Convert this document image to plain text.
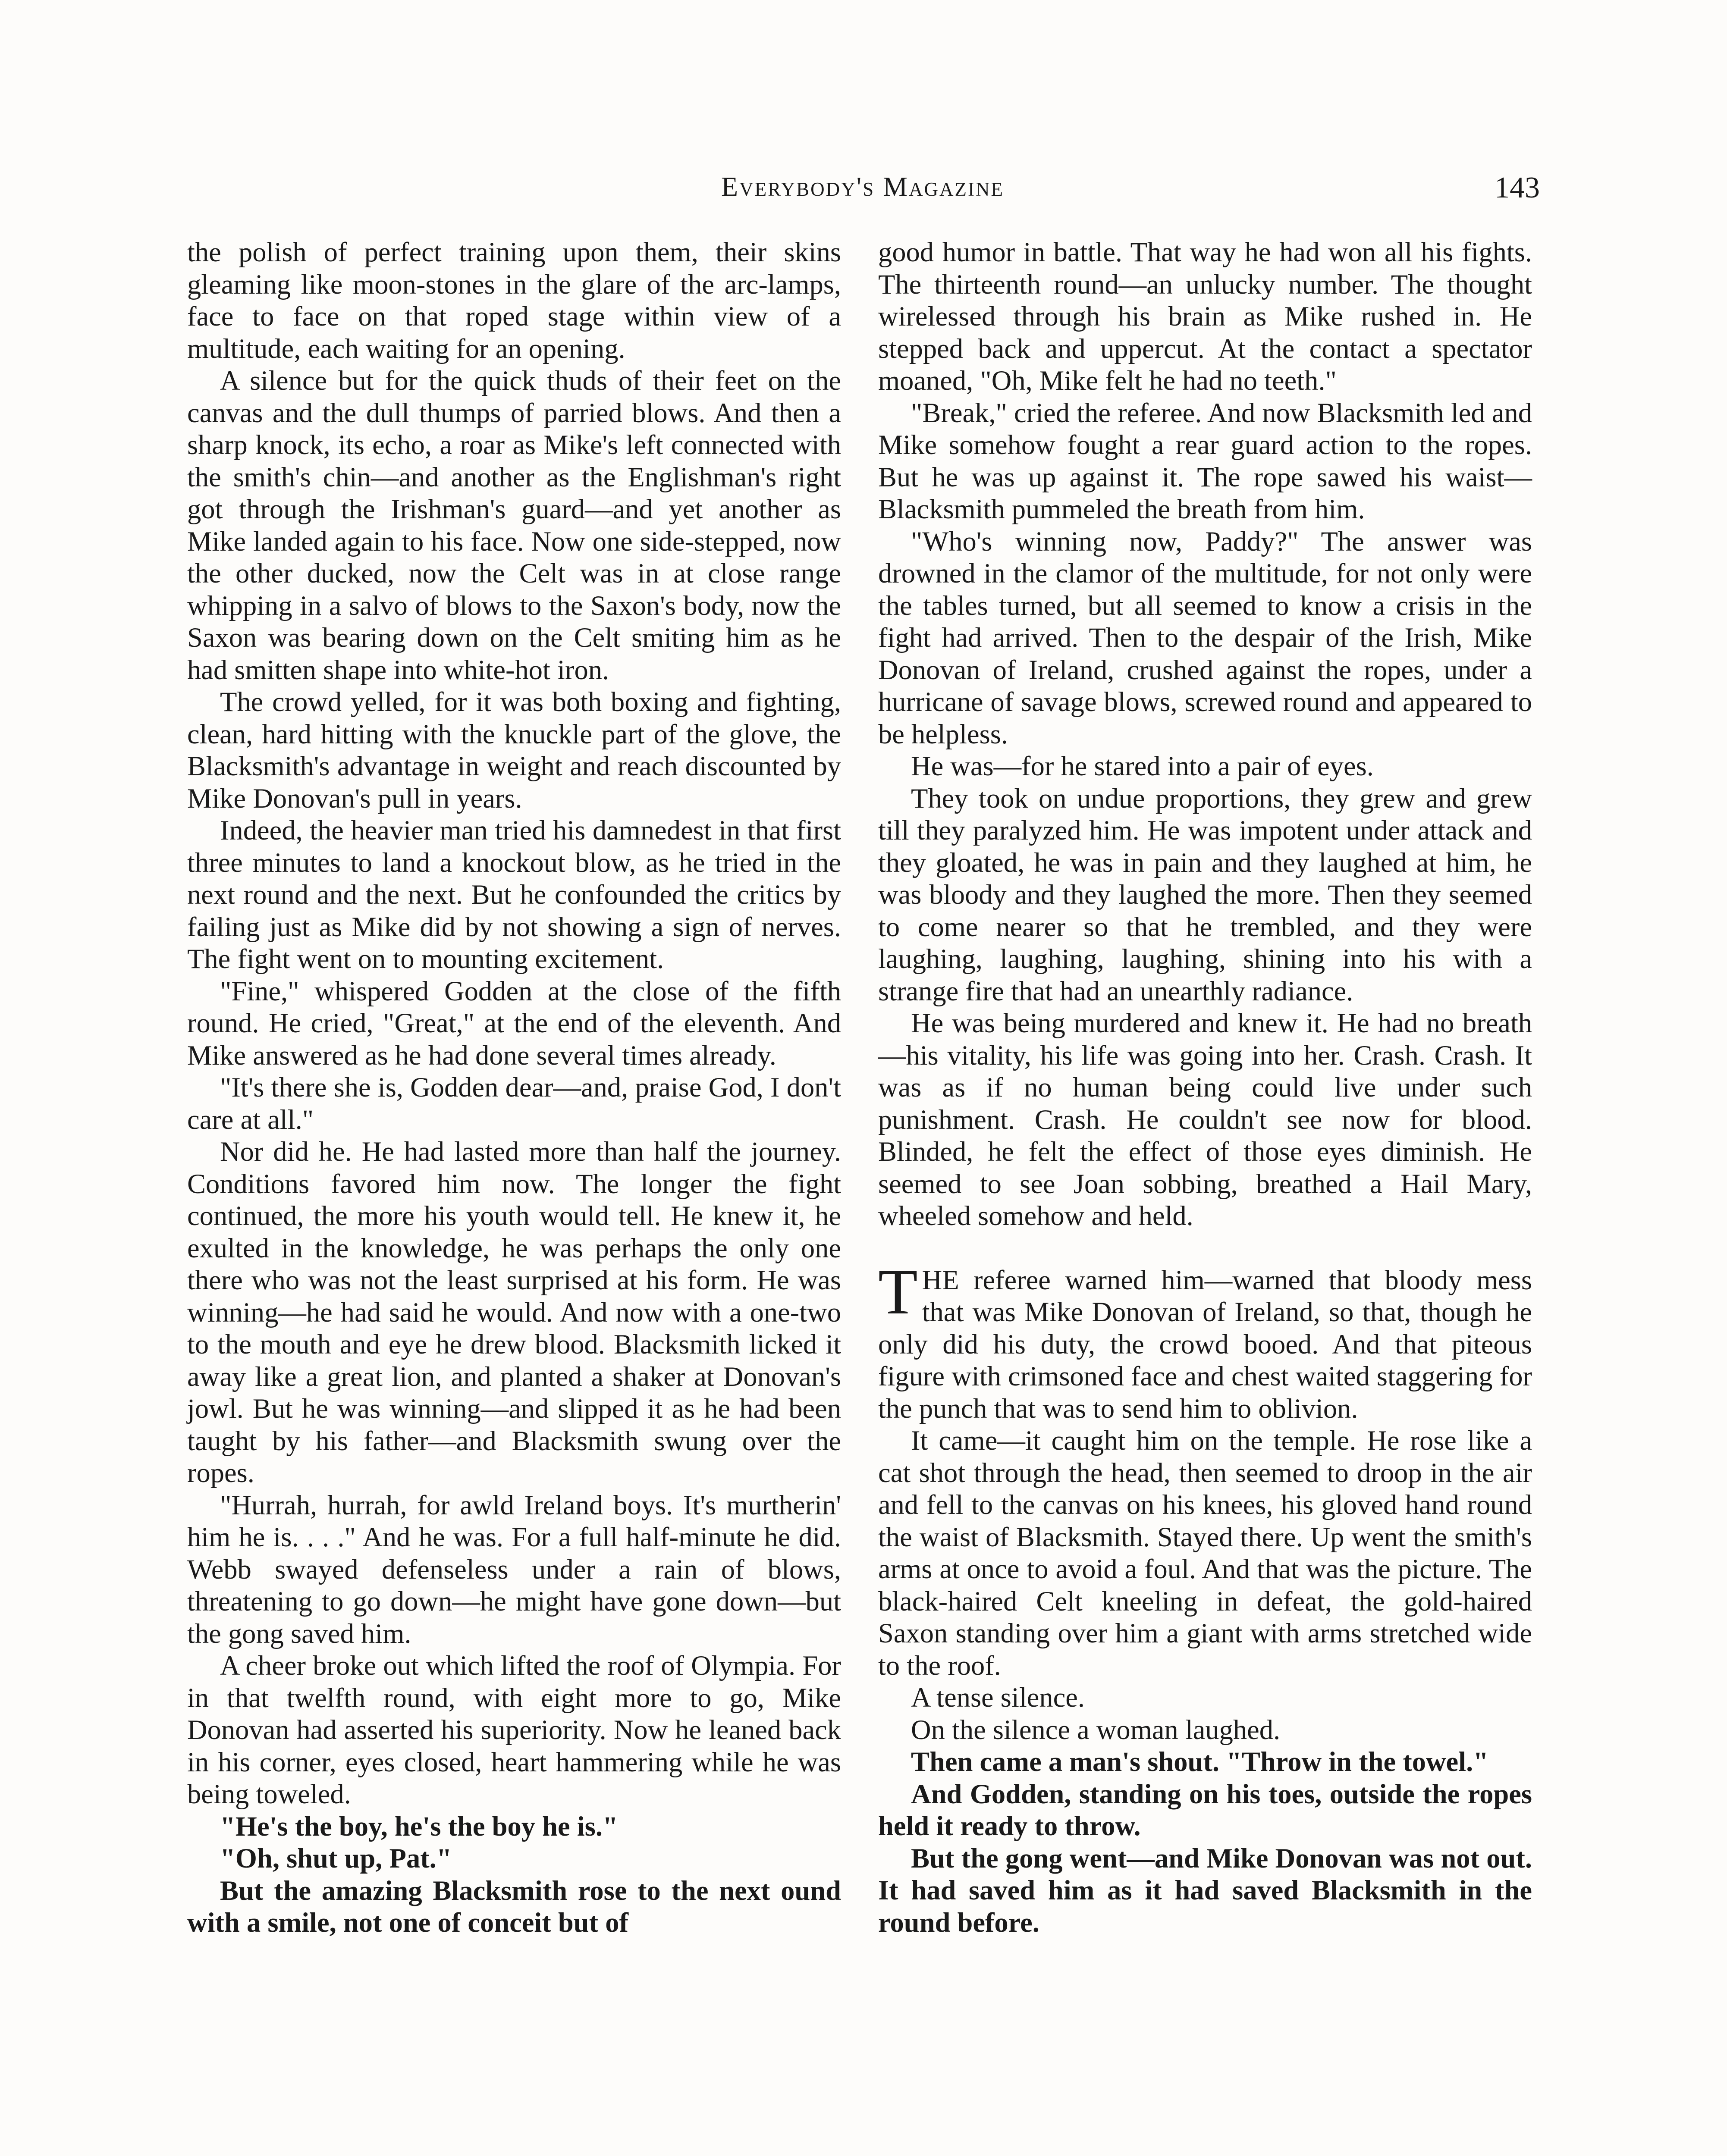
Everybody's Magazine	143

the polish of perfect training upon them, their skins gleaming like moon-stones in the glare of the arc-lamps, face to face on that roped stage within view of a multitude, each waiting for an opening.

A silence but for the quick thuds of their feet on the canvas and the dull thumps of parried blows. And then a sharp knock, its echo, a roar as Mike's left connected with the smith's chin—and another as the Englishman's right got through the Irishman's guard—and yet another as Mike landed again to his face. Now one side-stepped, now the other ducked, now the Celt was in at close range whipping in a salvo of blows to the Saxon's body, now the Saxon was bearing down on the Celt smiting him as he had smitten shape into white-hot iron.

The crowd yelled, for it was both boxing and fighting, clean, hard hitting with the knuckle part of the glove, the Blacksmith's advantage in weight and reach discounted by Mike Donovan's pull in years.

Indeed, the heavier man tried his damnedest in that first three minutes to land a knockout blow, as he tried in the next round and the next. But he confounded the critics by failing just as Mike did by not showing a sign of nerves. The fight went on to mounting excitement.

"Fine," whispered Godden at the close of the fifth round. He cried, "Great," at the end of the eleventh. And Mike answered as he had done several times already.

"It's there she is, Godden dear—and, praise God, I don't care at all."

Nor did he. He had lasted more than half the journey. Conditions favored him now. The longer the fight continued, the more his youth would tell. He knew it, he exulted in the knowledge, he was perhaps the only one there who was not the least surprised at his form. He was winning—he had said he would. And now with a one-two to the mouth and eye he drew blood. Blacksmith licked it away like a great lion, and planted a shaker at Donovan's jowl. But he was winning—and slipped it as he had been taught by his father—and Blacksmith swung over the ropes.

"Hurrah, hurrah, for awld Ireland boys. It's murtherin' him he is. . . ." And he was. For a full half-minute he did. Webb swayed defenseless under a rain of blows, threatening to go down—he might have gone down—but the gong saved him.

A cheer broke out which lifted the roof of Olympia. For in that twelfth round, with eight more to go, Mike Donovan had asserted his superiority. Now he leaned back in his corner, eyes closed, heart hammering while he was being toweled.

"He's the boy, he's the boy he is."

"Oh, shut up, Pat."

But the amazing Blacksmith rose to the next ound with a smile, not one of conceit but of

good humor in battle. That way he had won all his fights. The thirteenth round—an unlucky number. The thought wirelessed through his brain as Mike rushed in. He stepped back and uppercut. At the contact a spectator moaned, "Oh, Mike felt he had no teeth."

"Break," cried the referee. And now Blacksmith led and Mike somehow fought a rear guard action to the ropes. But he was up against it. The rope sawed his waist—Blacksmith pummeled the breath from him.

"Who's winning now, Paddy?" The answer was drowned in the clamor of the multitude, for not only were the tables turned, but all seemed to know a crisis in the fight had arrived. Then to the despair of the Irish, Mike Donovan of Ireland, crushed against the ropes, under a hurricane of savage blows, screwed round and appeared to be helpless.

He was—for he stared into a pair of eyes.

They took on undue proportions, they grew and grew till they paralyzed him. He was impotent under attack and they gloated, he was in pain and they laughed at him, he was bloody and they laughed the more. Then they seemed to come nearer so that he trembled, and they were laughing, laughing, laughing, shining into his with a strange fire that had an unearthly radiance.

He was being murdered and knew it. He had no breath—his vitality, his life was going into her. Crash. Crash. It was as if no human being could live under such punishment. Crash. He couldn't see now for blood. Blinded, he felt the effect of those eyes diminish. He seemed to see Joan sobbing, breathed a Hail Mary, wheeled somehow and held.

THE referee warned him—warned that bloody mess that was Mike Donovan of Ireland, so that, though he only did his duty, the crowd booed. And that piteous figure with crimsoned face and chest waited staggering for the punch that was to send him to oblivion.

It came—it caught him on the temple. He rose like a cat shot through the head, then seemed to droop in the air and fell to the canvas on his knees, his gloved hand round the waist of Blacksmith. Stayed there. Up went the smith's arms at once to avoid a foul. And that was the picture. The black-haired Celt kneeling in defeat, the gold-haired Saxon standing over him a giant with arms stretched wide to the roof.

A tense silence.

On the silence a woman laughed.

Then came a man's shout. "Throw in the towel."

And Godden, standing on his toes, outside the ropes held it ready to throw.

But the gong went—and Mike Donovan was not out. It had saved him as it had saved Blacksmith in the round before.
